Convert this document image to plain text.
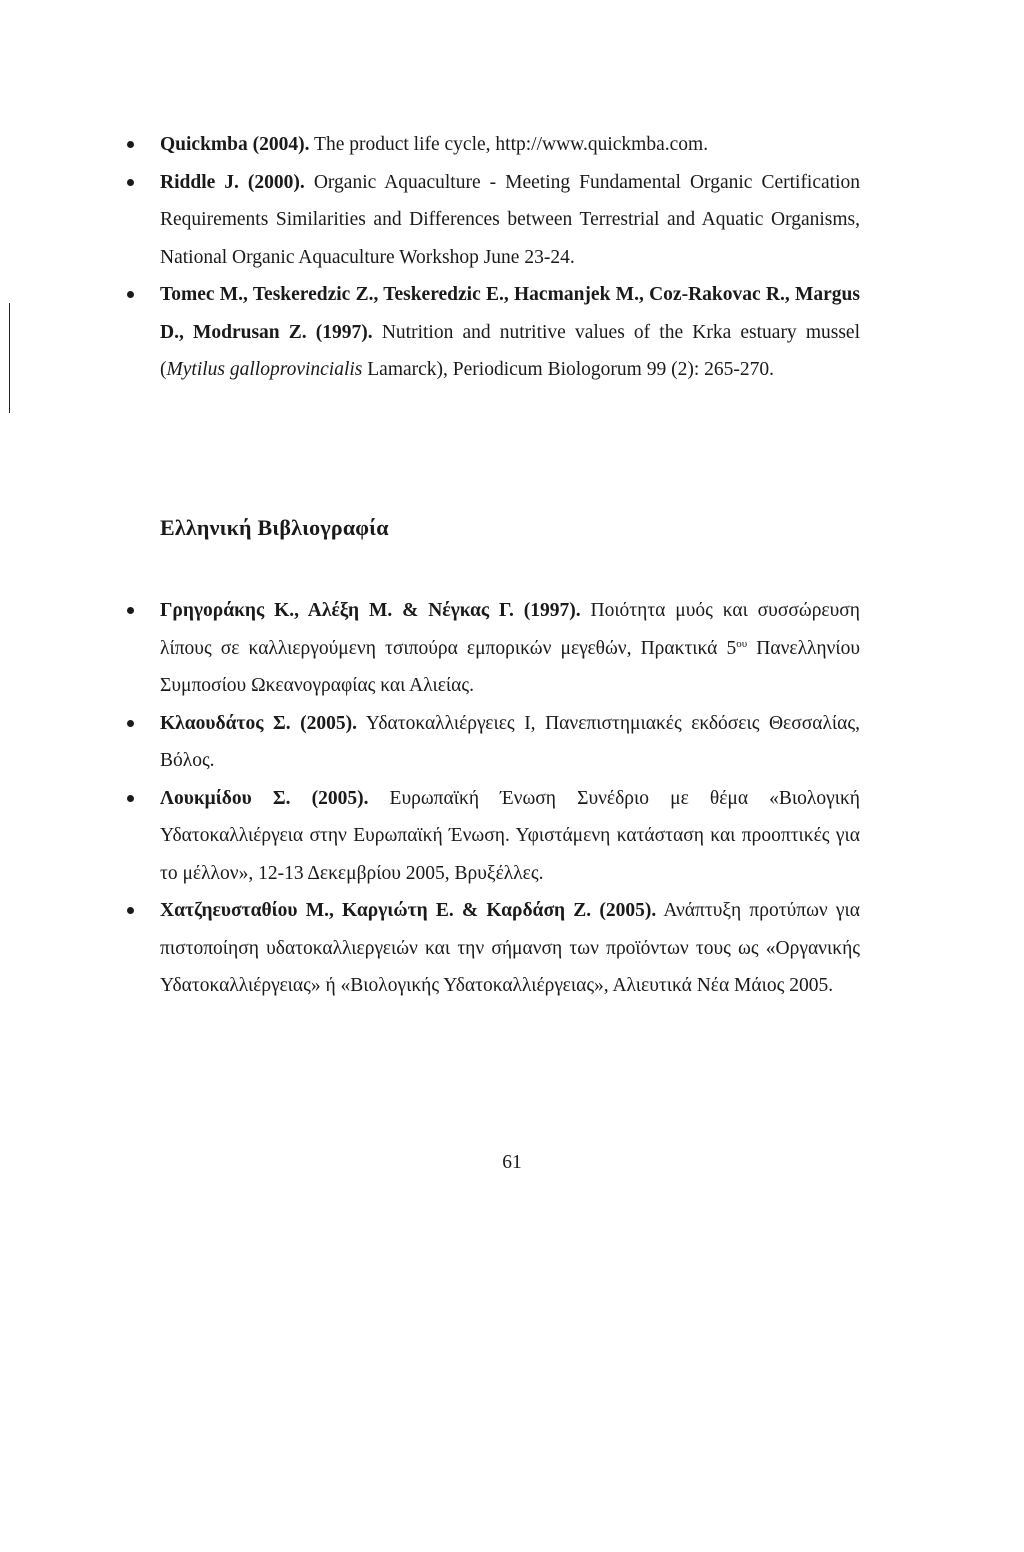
Quickmba (2004). The product life cycle, http://www.quickmba.com.
Riddle J. (2000). Organic Aquaculture - Meeting Fundamental Organic Certification Requirements Similarities and Differences between Terrestrial and Aquatic Organisms, National Organic Aquaculture Workshop June 23-24.
Tomec M., Teskeredzic Z., Teskeredzic E., Hacmanjek M., Coz-Rakovac R., Margus D., Modrusan Z. (1997). Nutrition and nutritive values of the Krka estuary mussel (Mytilus galloprovincialis Lamarck), Periodicum Biologorum 99 (2): 265-270.
Ελληνική Βιβλιογραφία
Γρηγοράκης Κ., Αλέξη Μ. & Νέγκας Γ. (1997). Ποιότητα μυός και συσσώρευση λίπους σε καλλιεργούμενη τσιπούρα εμπορικών μεγεθών, Πρακτικά $5^{o\upsilon}$ Πανελληνίου Συμποσίου Ωκεανογραφίας και Αλιείας.
Κλαουδάτος Σ. (2005). Υδατοκαλλιέργειες Ι, Πανεπιστημιακές εκδόσεις Θεσσαλίας, Βόλος.
Λουκμίδου Σ. (2005). Ευρωπαϊκή Ένωση Συνέδριο με θέμα «Βιολογική Υδατοκαλλιέργεια στην Ευρωπαϊκή Ένωση. Υφιστάμενη κατάσταση και προοπτικές για το μέλλον», 12-13 Δεκεμβρίου 2005, Βρυξέλλες.
Χατζηευσταθίου Μ., Καργιώτη Ε. & Καρδάση Ζ. (2005). Ανάπτυξη προτύπων για πιστοποίηση υδατοκαλλιεργειών και την σήμανση των προϊόντων τους ως «Οργανικής Υδατοκαλλιέργειας» ή «Βιολογικής Υδατοκαλλιέργειας», Αλιευτικά Νέα Μάιος 2005.
61
